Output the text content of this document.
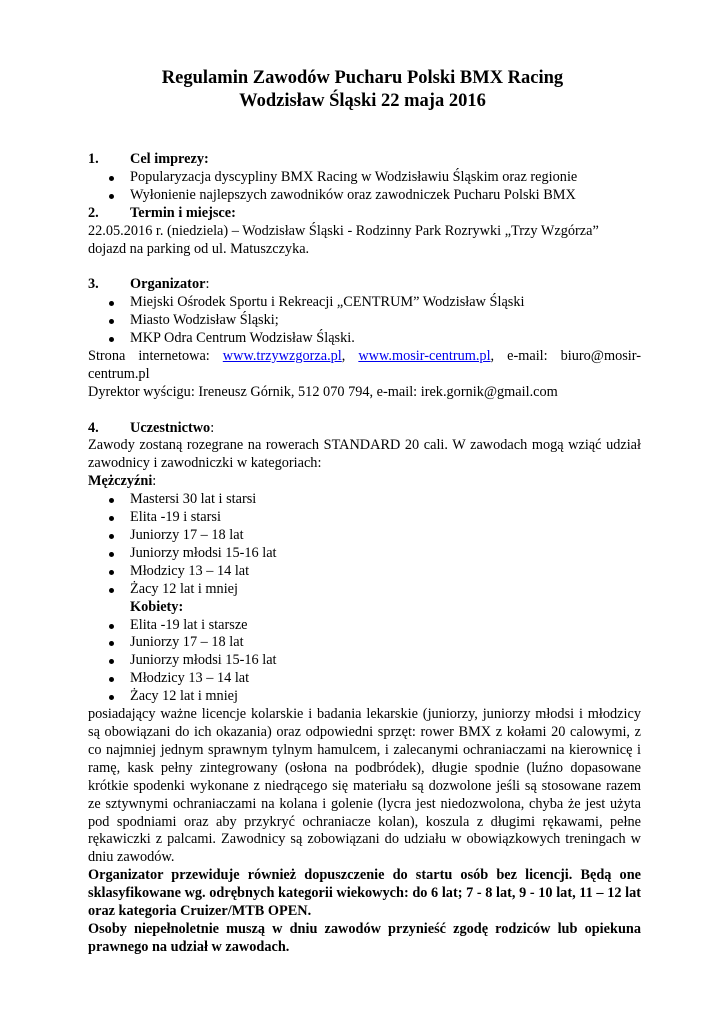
Regulamin Zawodów Pucharu Polski BMX Racing
Wodzisław Śląski 22 maja 2016
1.	Cel imprezy:
Popularyzacja dyscypliny BMX Racing w Wodzisławiu Śląskim oraz regionie
Wyłonienie najlepszych zawodników oraz zawodniczek Pucharu Polski BMX
2.	Termin i miejsce:
22.05.2016 r. (niedziela) – Wodzisław Śląski - Rodzinny Park Rozrywki „Trzy Wzgórza”
dojazd na parking od ul. Matuszczyka.
3.	Organizator:
Miejski Ośrodek Sportu i Rekreacji „CENTRUM” Wodzisław Śląski
Miasto Wodzisław Śląski;
MKP Odra Centrum Wodzisław Śląski.
Strona internetowa: www.trzywzgorza.pl, www.mosir-centrum.pl, e-mail: biuro@mosir-centrum.pl
Dyrektor wyścigu: Ireneusz Górnik, 512 070 794, e-mail: irek.gornik@gmail.com
4.	Uczestnictwo:
Zawody zostaną rozegrane na rowerach STANDARD 20 cali. W zawodach mogą wziąć udział zawodnicy i zawodniczki w kategoriach:
Mężczyźni:
Mastersi 30 lat i starsi
Elita -19 i starsi
Juniorzy 17 – 18 lat
Juniorzy młodsi 15-16 lat
Młodzicy 13 – 14 lat
Żacy 12 lat i mniej
Kobiety:
Elita -19 lat i starsze
Juniorzy 17 – 18 lat
Juniorzy młodsi 15-16 lat
Młodzicy 13 – 14 lat
Żacy 12 lat i mniej
posiadający ważne licencje kolarskie i badania lekarskie (juniorzy, juniorzy młodsi i młodzicy są obowiązani do ich okazania) oraz odpowiedni sprzęt: rower BMX z kołami 20 calowymi, z co najmniej jednym sprawnym tylnym hamulcem, i zalecanymi ochraniaczami na kierownicę i ramę, kask pełny zintegrowany (osłona na podbródek), długie spodnie (luźno dopasowane krótkie spodenki wykonane z niedrącego się materiału są dozwolone jeśli są stosowane razem ze sztywnymi ochraniaczami na kolana i golenie (lycra jest niedozwolona, chyba że jest użyta pod spodniami oraz aby przykryć ochraniacze kolan), koszula z długimi rękawami, pełne rękawiczki z palcami. Zawodnicy są zobowiązani do udziału w obowiązkowych treningach w dniu zawodów.
Organizator przewiduje również dopuszczenie do startu osób bez licencji. Będą one sklasyfikowane wg. odrębnych kategorii wiekowych: do 6 lat; 7 - 8 lat, 9 - 10 lat, 11 – 12 lat oraz kategoria Cruizer/MTB OPEN.
Osoby niepełnoletnie muszą w dniu zawodów przynieść zgodę rodziców lub opiekuna prawnego na udział w zawodach.
